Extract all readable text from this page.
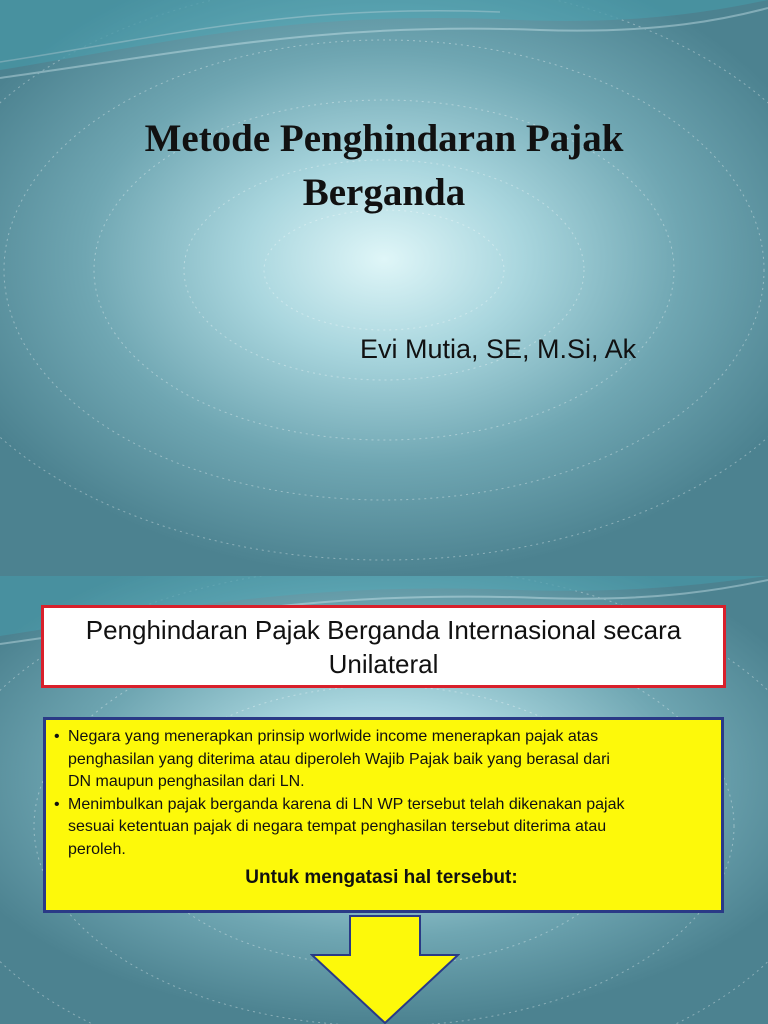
Metode Penghindaran Pajak
Berganda
Evi Mutia, SE, M.Si, Ak
Penghindaran Pajak Berganda Internasional secara
Unilateral
• Negara yang menerapkan prinsip worlwide income menerapkan pajak atas
penghasilan yang diterima atau diperoleh Wajib Pajak baik yang berasal dari
DN maupun penghasilan dari LN.
• Menimbulkan pajak berganda karena di LN WP tersebut telah dikenakan pajak
sesuai ketentuan pajak di negara tempat penghasilan tersebut diterima atau
peroleh.
Untuk mengatasi hal tersebut:
